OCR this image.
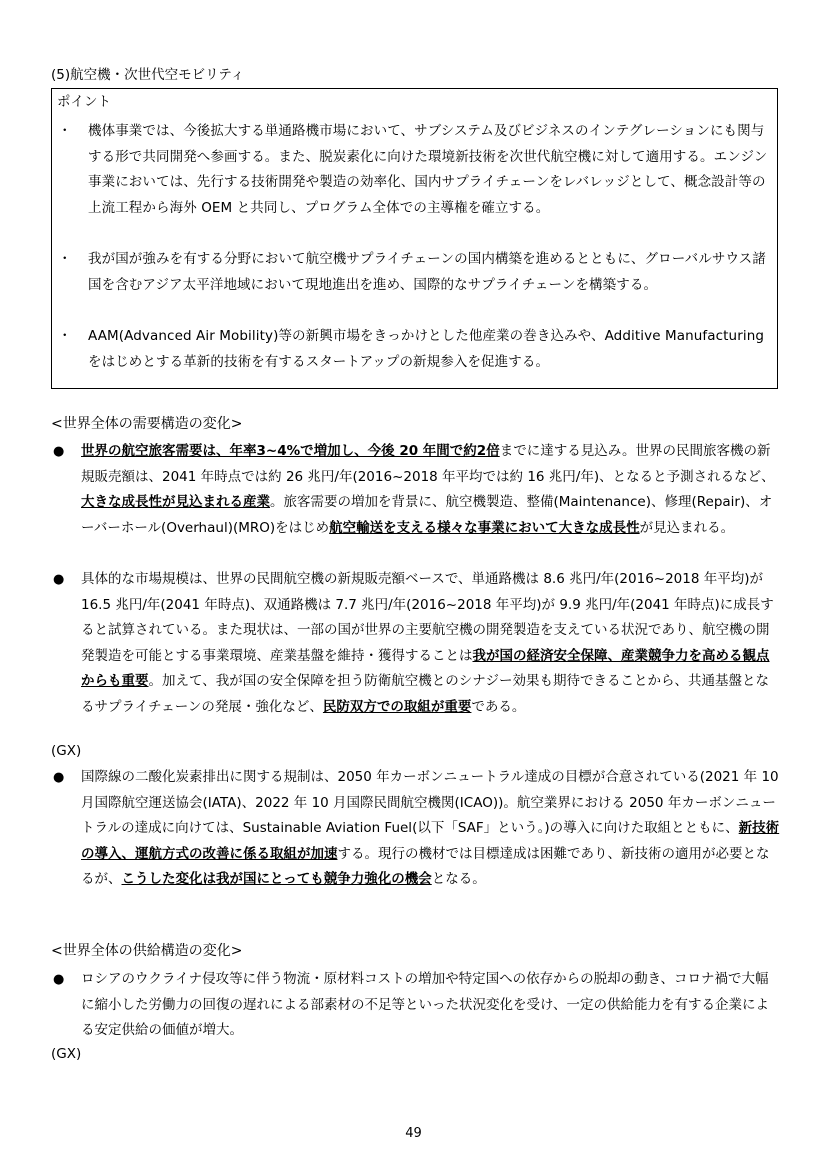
(5)航空機・次世代空モビリティ
ポイント
・ 機体事業では、今後拡大する単通路機市場において、サブシステム及びビジネスのインテグレーションにも関与する形で共同開発へ参画する。また、脱炭素化に向けた環境新技術を次世代航空機に対して適用する。エンジン事業においては、先行する技術開発や製造の効率化、国内サプライチェーンをレバレッジとして、概念設計等の上流工程から海外 OEM と共同し、プログラム全体での主導権を確立する。
・ 我が国が強みを有する分野において航空機サプライチェーンの国内構築を進めるとともに、グローバルサウス諸国を含むアジア太平洋地域において現地進出を進め、国際的なサプライチェーンを構築する。
・ AAM(Advanced Air Mobility)等の新興市場をきっかけとした他産業の巻き込みや、Additive Manufacturing をはじめとする革新的技術を有するスタートアップの新規参入を促進する。
<世界全体の需要構造の変化>
● 世界の航空旅客需要は、年率3~4%で増加し、今後 20 年間で約2倍までに達する見込み。世界の民間旅客機の新規販売額は、2041 年時点では約 26 兆円/年(2016~2018 年平均では約 16 兆円/年)、となると予測されるなど、大きな成長性が見込まれる産業。旅客需要の増加を背景に、航空機製造、整備(Maintenance)、修理(Repair)、オーバーホール(Overhaul)(MRO)をはじめ航空輸送を支える様々な事業において大きな成長性が見込まれる。
● 具体的な市場規模は、世界の民間航空機の新規販売額ベースで、単通路機は 8.6 兆円/年(2016~2018 年平均)が 16.5 兆円/年(2041 年時点)、双通路機は 7.7 兆円/年(2016~2018 年平均)が 9.9 兆円/年(2041 年時点)に成長すると試算されている。また現状は、一部の国が世界の主要航空機の開発製造を支えている状況であり、航空機の開発製造を可能とする事業環境、産業基盤を維持・獲得することは我が国の経済安全保障、産業競争力を高める観点からも重要。加えて、我が国の安全保障を担う防衛航空機とのシナジー効果も期待できることから、共通基盤となるサプライチェーンの発展・強化など、民防双方での取組が重要である。
(GX)
● 国際線の二酸化炭素排出に関する規制は、2050 年カーボンニュートラル達成の目標が合意されている(2021 年 10 月国際航空運送協会(IATA)、2022 年 10 月国際民間航空機関(ICAO))。航空業界における 2050 年カーボンニュートラルの達成に向けては、Sustainable Aviation Fuel(以下「SAF」という。)の導入に向けた取組とともに、新技術の導入、運航方式の改善に係る取組が加速する。現行の機材では目標達成は困難であり、新技術の適用が必要となるが、こうした変化は我が国にとっても競争力強化の機会となる。
<世界全体の供給構造の変化>
● ロシアのウクライナ侵攻等に伴う物流・原材料コストの増加や特定国への依存からの脱却の動き、コロナ禍で大幅に縮小した労働力の回復の遅れによる部素材の不足等といった状況変化を受け、一定の供給能力を有する企業による安定供給の価値が増大。
(GX)
49
